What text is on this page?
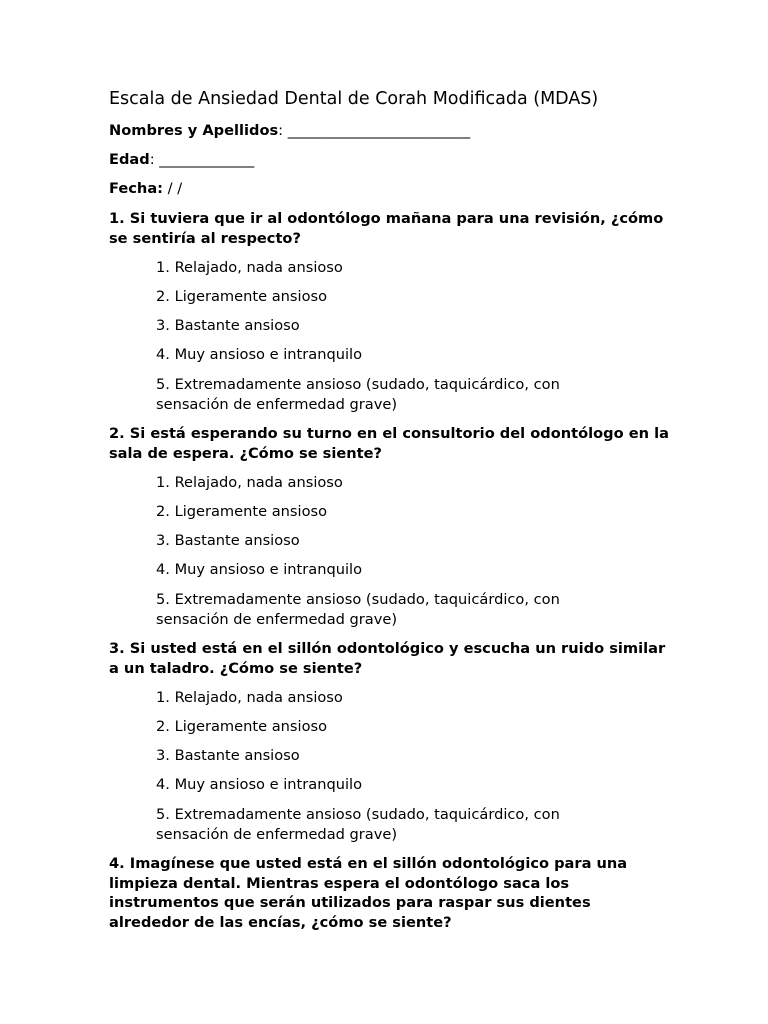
Escala de Ansiedad Dental de Corah Modificada (MDAS)
Nombres y Apellidos: _________________________
Edad: _____________
Fecha: / /

1. Si tuviera que ir al odontólogo mañana para una revisión, ¿cómo se sentiría al respecto?

1. Relajado, nada ansioso

2. Ligeramente ansioso

3. Bastante ansioso

4. Muy ansioso e intranquilo

5. Extremadamente ansioso (sudado, taquicárdico, con sensación de enfermedad grave)

2. Si está esperando su turno en el consultorio del odontólogo en la sala de espera. ¿Cómo se siente?

1. Relajado, nada ansioso

2. Ligeramente ansioso

3. Bastante ansioso

4. Muy ansioso e intranquilo

5. Extremadamente ansioso (sudado, taquicárdico, con sensación de enfermedad grave)

3. Si usted está en el sillón odontológico y escucha un ruido similar a un taladro. ¿Cómo se siente?

1. Relajado, nada ansioso

2. Ligeramente ansioso

3. Bastante ansioso

4. Muy ansioso e intranquilo

5. Extremadamente ansioso (sudado, taquicárdico, con sensación de enfermedad grave)

4. Imagínese que usted está en el sillón odontológico para una limpieza dental. Mientras espera el odontólogo saca los instrumentos que serán utilizados para raspar sus dientes alrededor de las encías, ¿cómo se siente?
